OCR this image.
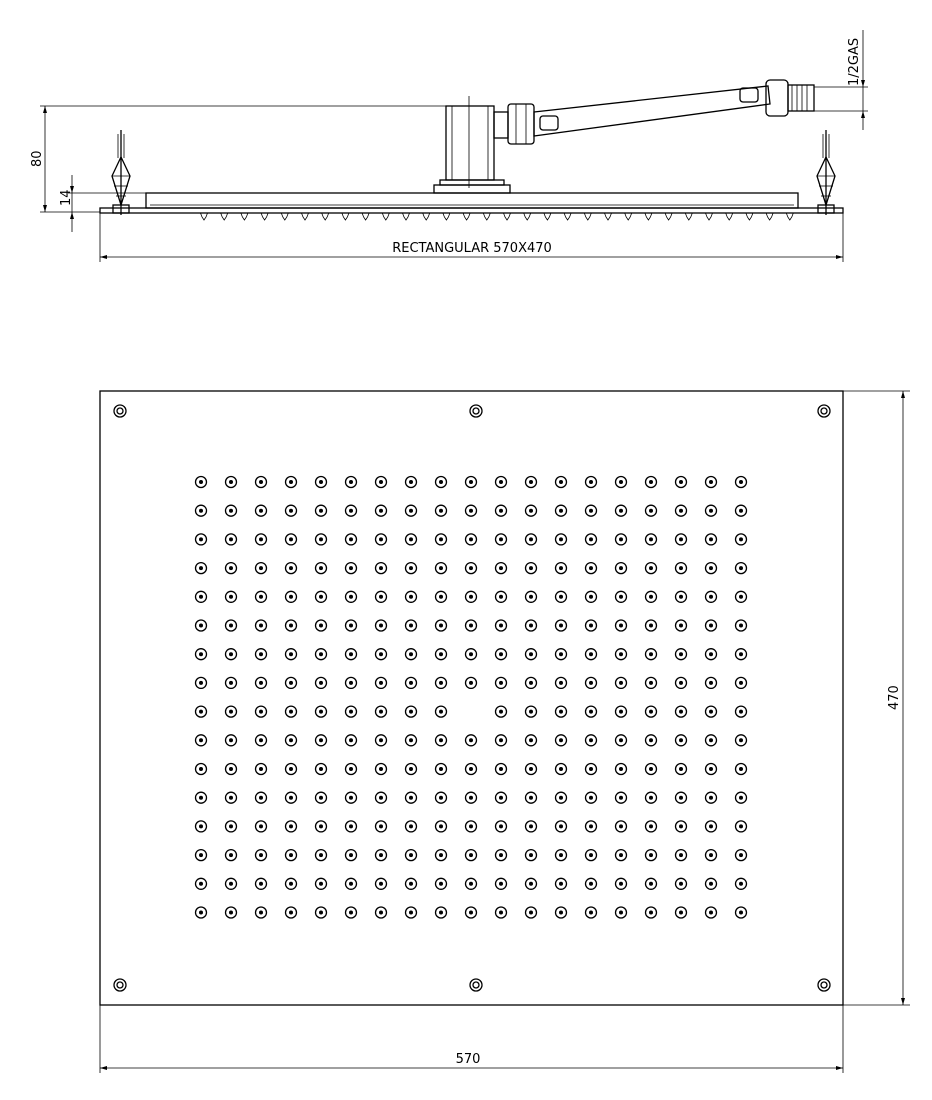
80
14
1/2GAS
RECTANGULAR 570X470
470
570
